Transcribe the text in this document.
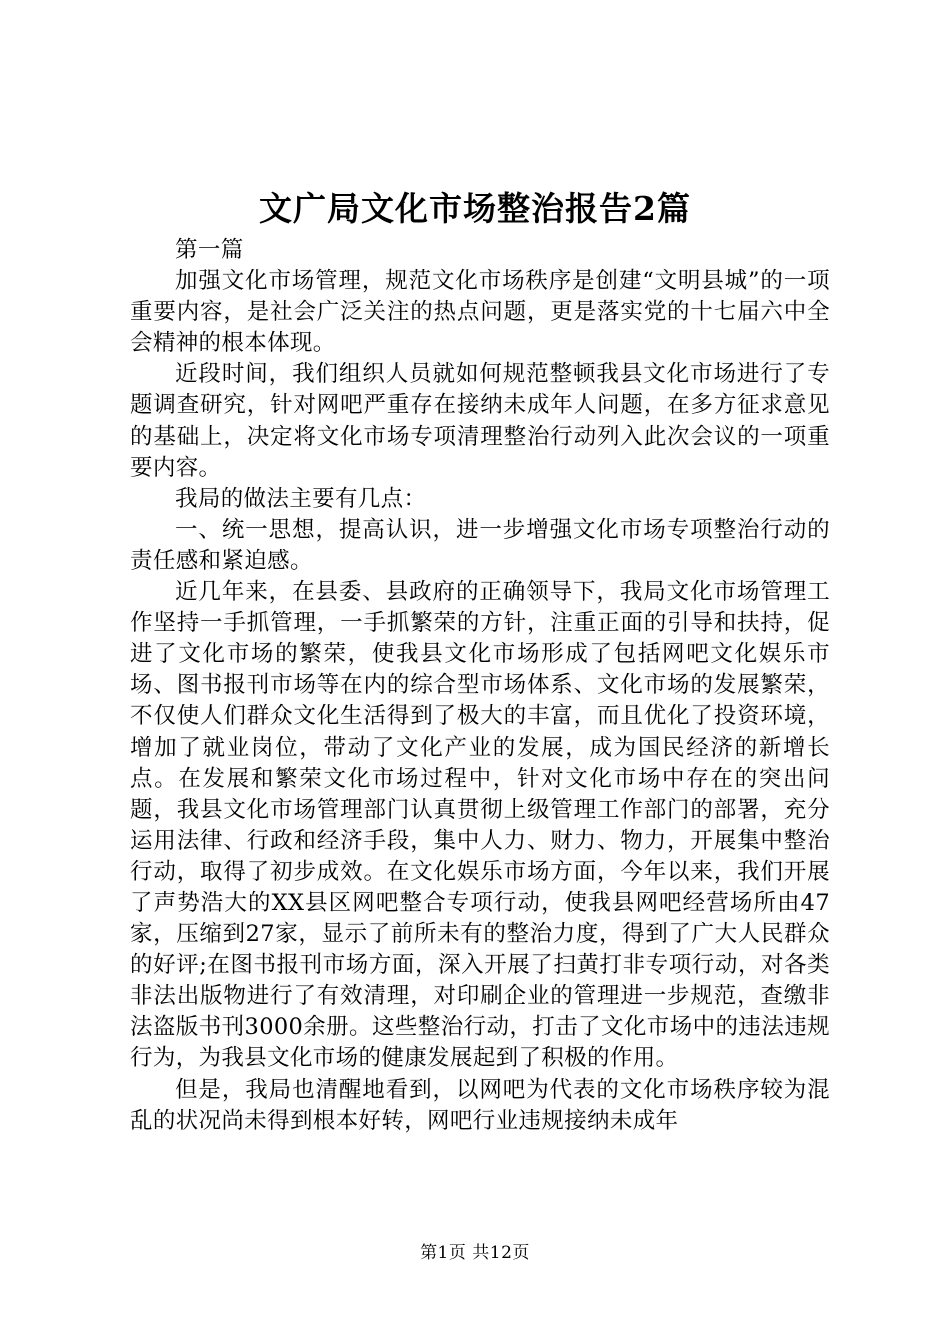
文广局文化市场整治报告2篇

第一篇

加强文化市场管理，规范文化市场秩序是创建“文明县城”的一项重要内容，是社会广泛关注的热点问题，更是落实党的十七届六中全会精神的根本体现。

近段时间，我们组织人员就如何规范整顿我县文化市场进行了专题调查研究，针对网吧严重存在接纳未成年人问题，在多方征求意见的基础上，决定将文化市场专项清理整治行动列入此次会议的一项重要内容。

我局的做法主要有几点：

一、统一思想，提高认识，进一步增强文化市场专项整治行动的责任感和紧迫感。

近几年来，在县委、县政府的正确领导下，我局文化市场管理工作坚持一手抓管理，一手抓繁荣的方针，注重正面的引导和扶持，促进了文化市场的繁荣，使我县文化市场形成了包括网吧文化娱乐市场、图书报刊市场等在内的综合型市场体系、文化市场的发展繁荣，不仅使人们群众文化生活得到了极大的丰富，而且优化了投资环境，增加了就业岗位，带动了文化产业的发展，成为国民经济的新增长点。在发展和繁荣文化市场过程中，针对文化市场中存在的突出问题，我县文化市场管理部门认真贯彻上级管理工作部门的部署，充分运用法律、行政和经济手段，集中人力、财力、物力，开展集中整治行动，取得了初步成效。在文化娱乐市场方面，今年以来，我们开展了声势浩大的XX县区网吧整合专项行动，使我县网吧经营场所由47家，压缩到27家，显示了前所未有的整治力度，得到了广大人民群众的好评;在图书报刊市场方面，深入开展了扫黄打非专项行动，对各类非法出版物进行了有效清理，对印刷企业的管理进一步规范，查缴非法盗版书刊3000余册。这些整治行动，打击了文化市场中的违法违规行为，为我县文化市场的健康发展起到了积极的作用。

但是，我局也清醒地看到，以网吧为代表的文化市场秩序较为混乱的状况尚未得到根本好转，网吧行业违规接纳未成年

第1页 共12页
